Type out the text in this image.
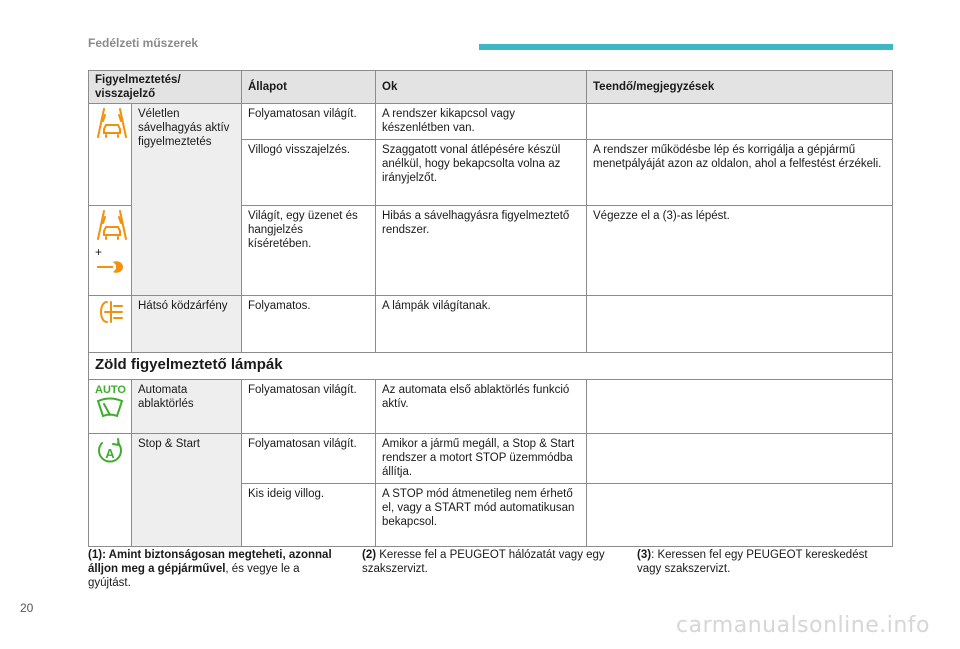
Fedélzeti műszerek
Figyelmeztetés/ visszajelző		Állapot	Ok	Teendő/megjegyzések
	Véletlen sávelhagyás aktív figyelmeztetés	Folyamatosan világít.	A rendszer kikapcsol vagy készenlétben van.	
		Villogó visszajelzés.	Szaggatott vonal átlépésére készül anélkül, hogy bekapcsolta volna az irányjelzőt.	A rendszer működésbe lép és korrigálja a gépjármű menetpályáját azon az oldalon, ahol a felfestést érzékeli.

+		Világít, egy üzenet és hangjelzés kíséretében.	Hibás a sávelhagyásra figyelmeztető rendszer.	Végezze el a (3)-as lépést.
	Hátsó ködzárfény	Folyamatos.	A lámpák világítanak.	
Zöld figyelmeztető lámpák				

AUTO	Automata ablaktörlés	Folyamatosan világít.	Az automata első ablaktörlés funkció aktív.	

A	Stop & Start	Folyamatosan világít.	Amikor a jármű megáll, a Stop & Start rendszer a motort STOP üzemmódba állítja.	
		Kis ideig villog.	A STOP mód átmenetileg nem érhető el, vagy a START mód automatikusan bekapcsol.	
(1): Amint biztonságosan megteheti, azonnal álljon meg a gépjárművel, és vegye le a gyújtást.
(2) Keresse fel a PEUGEOT hálózatát vagy egy szakszervizt.
(3): Keressen fel egy PEUGEOT kereskedést vagy szakszervizt.
20
carmanualsonline.info
